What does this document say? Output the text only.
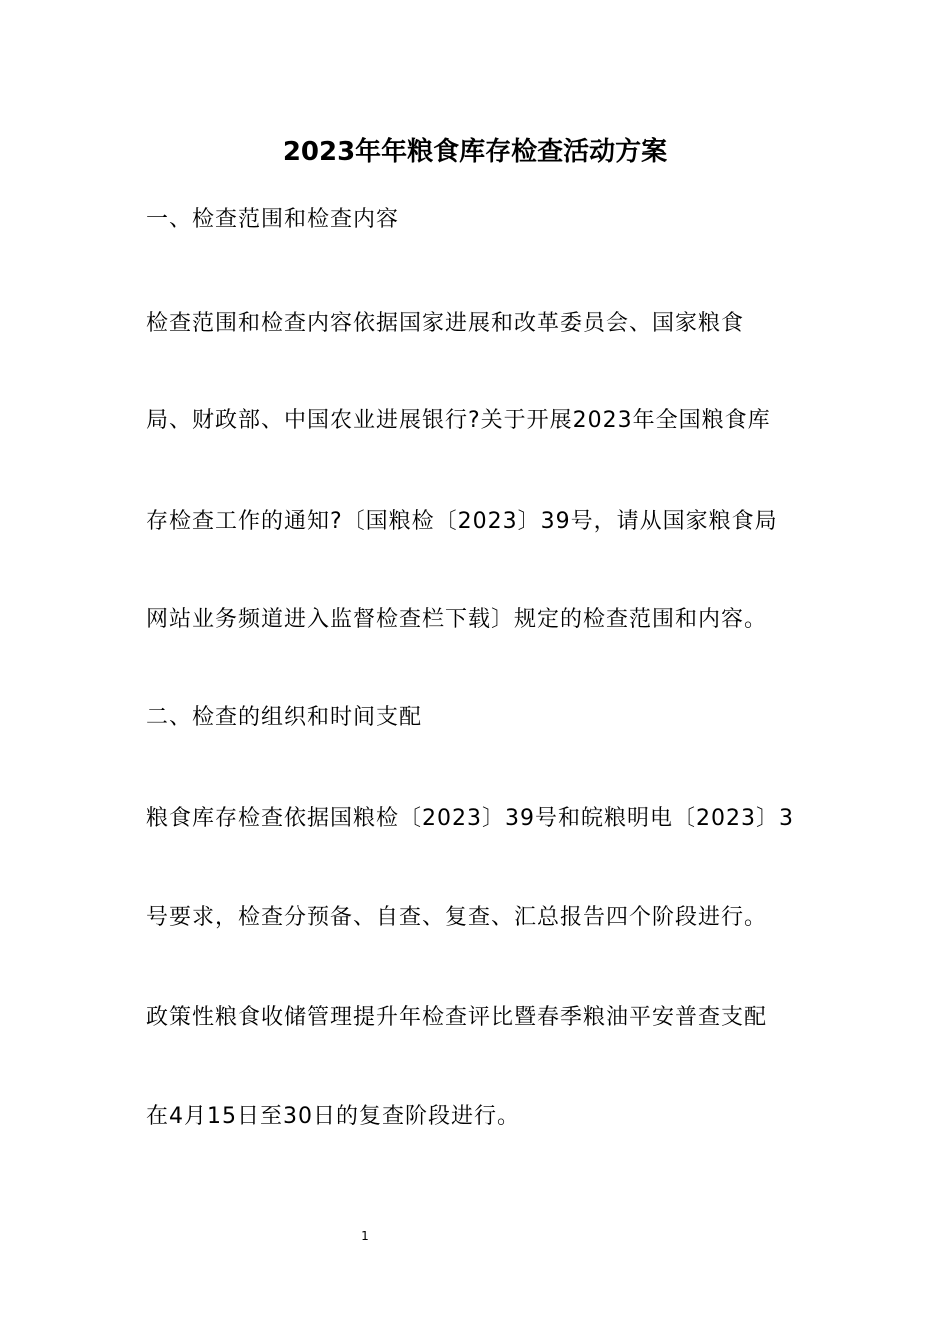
2023年年粮食库存检查活动方案
一、检查范围和检查内容
检查范围和检查内容依据国家进展和改革委员会、国家粮食
局、财政部、中国农业进展银行?关于开展2023年全国粮食库
存检查工作的通知?〔国粮检〔2023〕39号，请从国家粮食局
网站业务频道进入监督检查栏下载〕规定的检查范围和内容。
二、检查的组织和时间支配
粮食库存检查依据国粮检〔2023〕39号和皖粮明电〔2023〕3
号要求，检查分预备、自查、复查、汇总报告四个阶段进行。
政策性粮食收储管理提升年检查评比暨春季粮油平安普查支配
在4月15日至30日的复查阶段进行。
1
